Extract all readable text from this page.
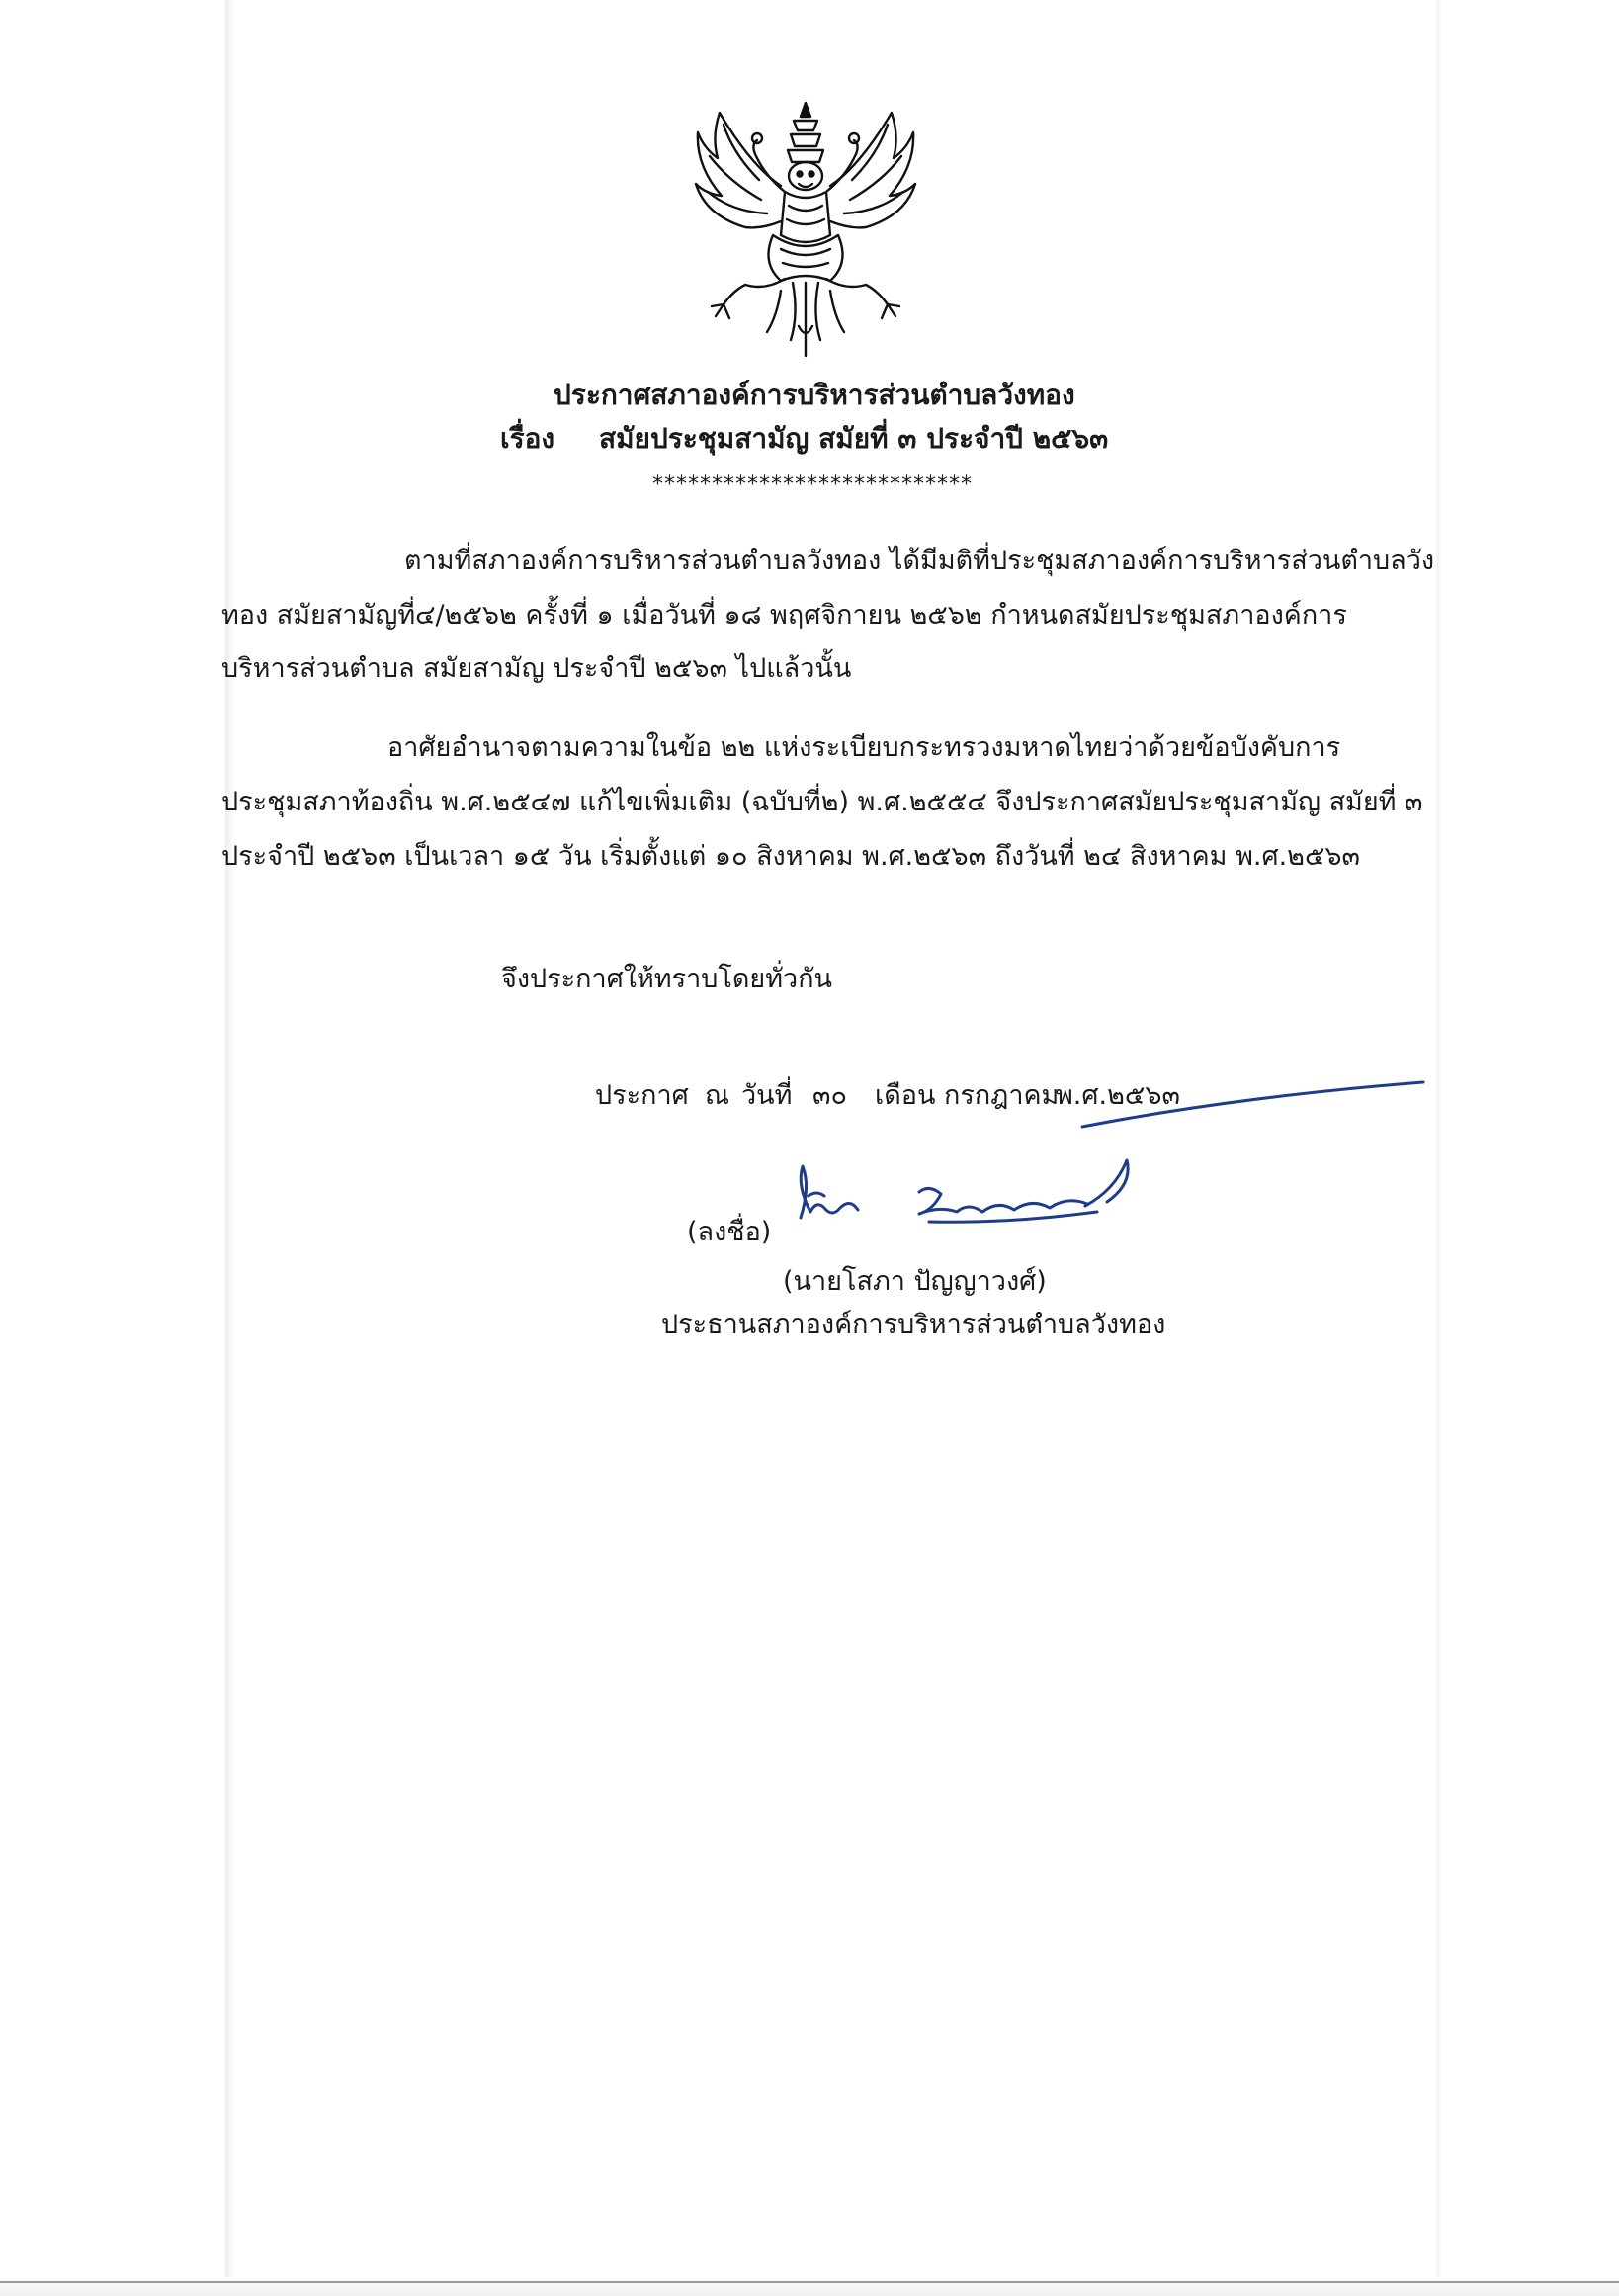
ประกาศสภาองค์การบริหารส่วนตำบลวังทอง
เรื่อง สมัยประชุมสามัญ สมัยที่ ๓ ประจำปี ๒๕๖๓
***************************
ตามที่สภาองค์การบริหารส่วนตำบลวังทอง ได้มีมติที่ประชุมสภาองค์การบริหารส่วนตำบลวัง
ทอง สมัยสามัญที่๔/๒๕๖๒ ครั้งที่ ๑ เมื่อวันที่ ๑๘ พฤศจิกายน ๒๕๖๒ กำหนดสมัยประชุมสภาองค์การ
บริหารส่วนตำบล สมัยสามัญ ประจำปี ๒๕๖๓ ไปแล้วนั้น
อาศัยอำนาจตามความในข้อ ๒๒ แห่งระเบียบกระทรวงมหาดไทยว่าด้วยข้อบังคับการ
ประชุมสภาท้องถิ่น พ.ศ.๒๕๔๗ แก้ไขเพิ่มเติม (ฉบับที่๒) พ.ศ.๒๕๕๔ จึงประกาศสมัยประชุมสามัญ สมัยที่ ๓
ประจำปี ๒๕๖๓ เป็นเวลา ๑๕ วัน เริ่มตั้งแต่ ๑๐ สิงหาคม พ.ศ.๒๕๖๓ ถึงวันที่ ๒๔ สิงหาคม พ.ศ.๒๕๖๓
จึงประกาศให้ทราบโดยทั่วกัน
ประกาศ ณ วันที่ ๓๐ เดือน กรกฎาคม
พ.ศ.๒๕๖๓
(ลงชื่อ)
(นายโสภา ปัญญาวงศ์)
ประธานสภาองค์การบริหารส่วนตำบลวังทอง
